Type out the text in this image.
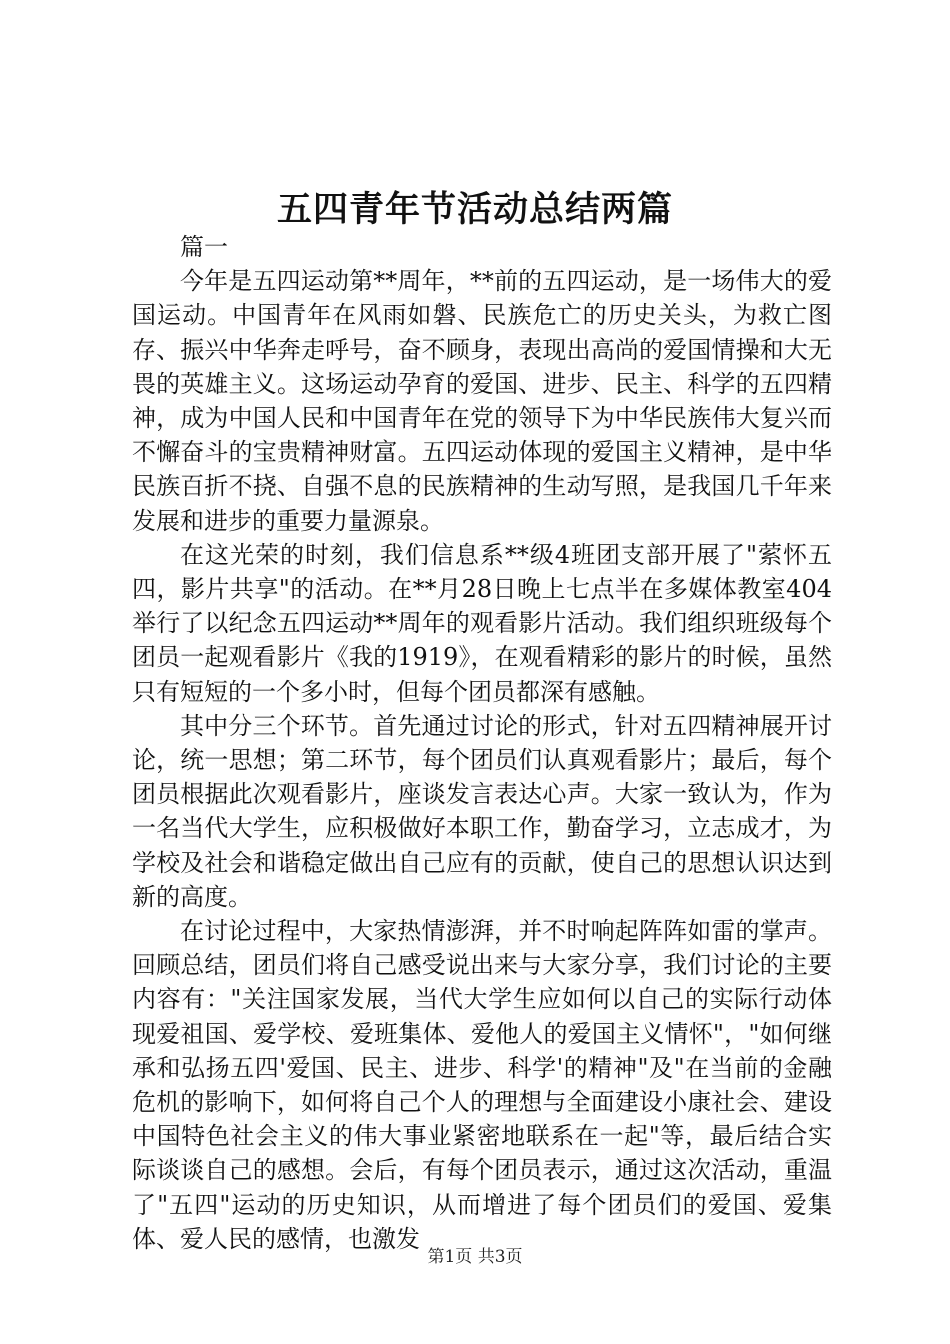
五四青年节活动总结两篇

篇一

今年是五四运动第**周年，**前的五四运动，是一场伟大的爱国运动。中国青年在风雨如磐、民族危亡的历史关头，为救亡图存、振兴中华奔走呼号，奋不顾身，表现出高尚的爱国情操和大无畏的英雄主义。这场运动孕育的爱国、进步、民主、科学的五四精神，成为中国人民和中国青年在党的领导下为中华民族伟大复兴而不懈奋斗的宝贵精神财富。五四运动体现的爱国主义精神，是中华民族百折不挠、自强不息的民族精神的生动写照，是我国几千年来发展和进步的重要力量源泉。

在这光荣的时刻，我们信息系**级4班团支部开展了"萦怀五四，影片共享"的活动。在**月28日晚上七点半在多媒体教室404举行了以纪念五四运动**周年的观看影片活动。我们组织班级每个团员一起观看影片《我的1919》，在观看精彩的影片的时候，虽然只有短短的一个多小时，但每个团员都深有感触。

其中分三个环节。首先通过讨论的形式，针对五四精神展开讨论，统一思想；第二环节，每个团员们认真观看影片；最后，每个团员根据此次观看影片，座谈发言表达心声。大家一致认为，作为一名当代大学生，应积极做好本职工作，勤奋学习，立志成才，为学校及社会和谐稳定做出自己应有的贡献，使自己的思想认识达到新的高度。

在讨论过程中，大家热情澎湃，并不时响起阵阵如雷的掌声。回顾总结，团员们将自己感受说出来与大家分享，我们讨论的主要内容有："关注国家发展，当代大学生应如何以自己的实际行动体现爱祖国、爱学校、爱班集体、爱他人的爱国主义情怀"，"如何继承和弘扬五四'爱国、民主、进步、科学'的精神"及"在当前的金融危机的影响下，如何将自己个人的理想与全面建设小康社会、建设中国特色社会主义的伟大事业紧密地联系在一起"等，最后结合实际谈谈自己的感想。会后，有每个团员表示，通过这次活动，重温了"五四"运动的历史知识，从而增进了每个团员们的爱国、爱集体、爱人民的感情，也激发

第1页 共3页
